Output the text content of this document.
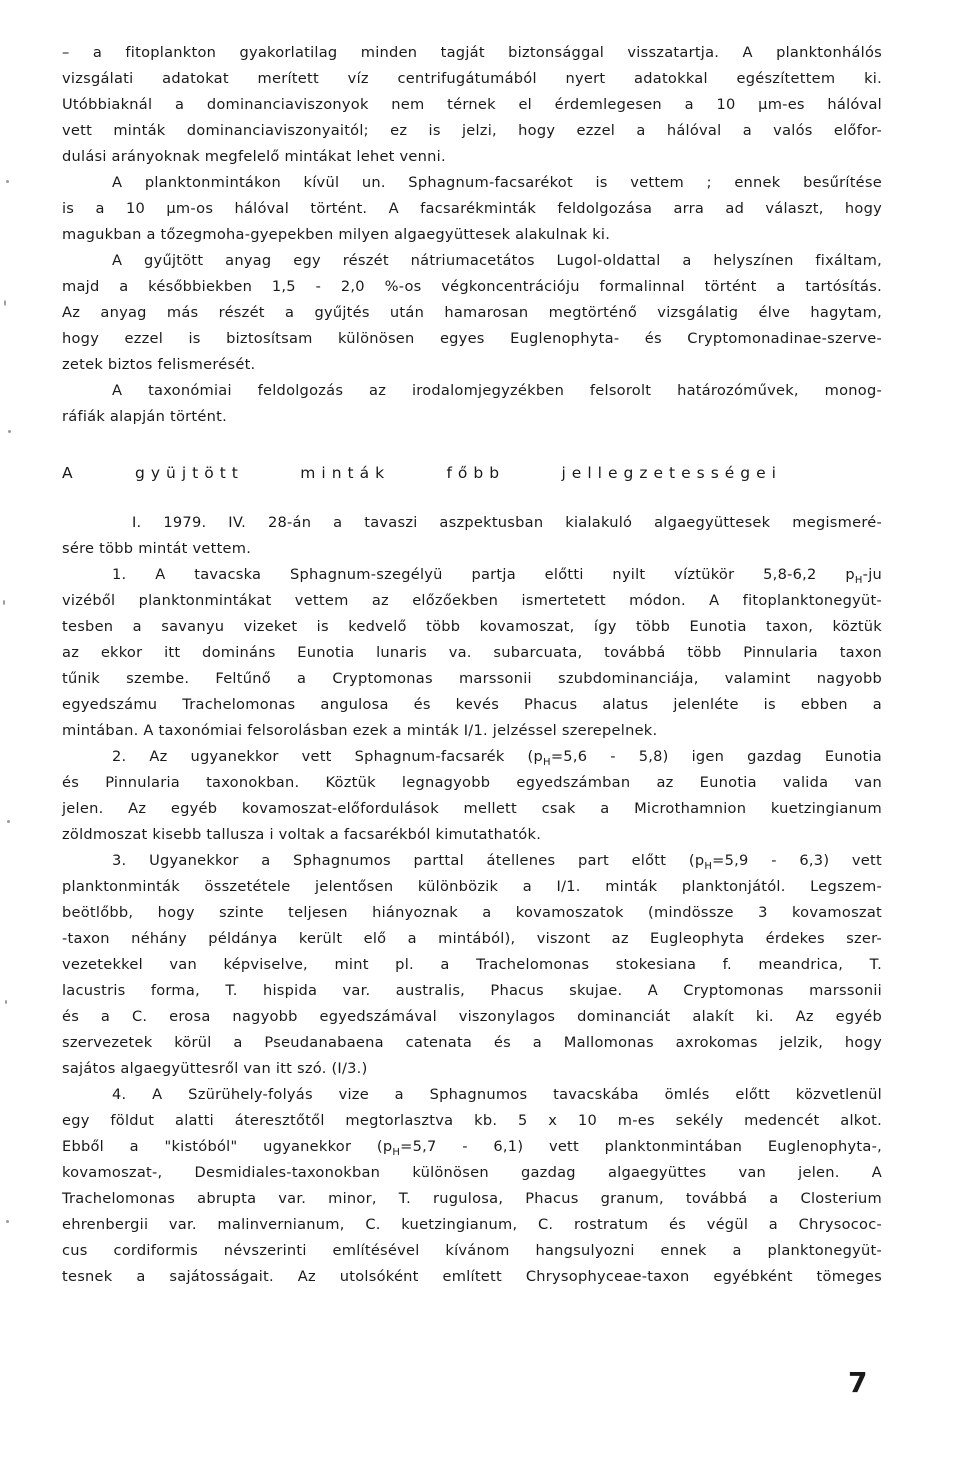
– a fitoplankton gyakorlatilag minden tagját biztonsággal visszatartja. A planktonhálós
vizsgálati adatokat merített víz centrifugátumából nyert adatokkal egészítettem ki.
Utóbbiaknál a dominanciaviszonyok nem térnek el érdemlegesen a 10 μm-es hálóval
vett minták dominanciaviszonyaitól; ez is jelzi, hogy ezzel a hálóval a valós előfor-
dulási arányoknak megfelelő mintákat lehet venni.
A planktonmintákon kívül un. Sphagnum-facsarékot is vettem ; ennek besűrítése
is a 10 μm-os hálóval történt. A facsarékminták feldolgozása arra ad választ, hogy
magukban a tőzegmoha-gyepekben milyen algaegyüttesek alakulnak ki.
A gyűjtött anyag egy részét nátriumacetátos Lugol-oldattal a helyszínen fixáltam,
majd a későbbiekben 1,5 - 2,0 %-os végkoncentrációju formalinnal történt a tartósítás.
Az anyag más részét a gyűjtés után hamarosan megtörténő vizsgálatig élve hagytam,
hogy ezzel is biztosítsam különösen egyes Euglenophyta- és Cryptomonadinae-szerve-
zetek biztos felismerését.
A taxonómiai feldolgozás az irodalomjegyzékben felsorolt határozóművek, monog-
ráfiák alapján történt.
A gyüjtött minták főbb jellegzetességei
I. 1979. IV. 28-án a tavaszi aszpektusban kialakuló algaegyüttesek megismeré-
sére több mintát vettem.
1. A tavacska Sphagnum-szegélyü partja előtti nyilt víztükör 5,8-6,2 $p_H-ju$
vizéből planktonmintákat vettem az előzőekben ismertetett módon. A fitoplanktonegyüt-
tesben a savanyu vizeket is kedvelő több kovamoszat, így több Eunotia taxon, köztük
az ekkor itt domináns Eunotia lunaris va. subarcuata, továbbá több Pinnularia taxon
tűnik szembe. Feltűnő a Cryptomonas marssonii szubdominanciája, valamint nagyobb
egyedszámu Trachelomonas angulosa és kevés Phacus alatus jelenléte is ebben a
mintában. A taxonómiai felsorolásban ezek a minták I/1. jelzéssel szerepelnek.
2. Az ugyanekkor vett Sphagnum-facsarék $(p_H=5,6 - 5,8)$ igen gazdag Eunotia
és Pinnularia taxonokban. Köztük legnagyobb egyedszámban az Eunotia valida van
jelen. Az egyéb kovamoszat-előfordulások mellett csak a Microthamnion kuetzingianum
zöldmoszat kisebb tallusza i voltak a facsarékból kimutathatók.
3. Ugyanekkor a Sphagnumos parttal átellenes part előtt $(p_H=5,9 - 6,3)$ vett
planktonminták összetétele jelentősen különbözik a I/1. minták planktonjától. Legszem-
beötlőbb, hogy szinte teljesen hiányoznak a kovamoszatok (mindössze 3 kovamoszat
-taxon néhány példánya került elő a mintából), viszont az Eugleophyta érdekes szer-
vezetekkel van képviselve, mint pl. a Trachelomonas stokesiana f. meandrica, T.
lacustris forma, T. hispida var. australis, Phacus skujae. A Cryptomonas marssonii
és a C. erosa nagyobb egyedszámával viszonylagos dominanciát alakít ki. Az egyéb
szervezetek körül a Pseudanabaena catenata és a Mallomonas axrokomas jelzik, hogy
sajátos algaegyüttesről van itt szó. (I/3.)
4. A Szürühely-folyás vize a Sphagnumos tavacskába ömlés előtt közvetlenül
egy földut alatti áteresztőtől megtorlasztva kb. 5 x 10 m-es sekély medencét alkot.
Ebből a "kistóból" ugyanekkor $(p_H=5,7 - 6,1)$ vett planktonmintában Euglenophyta-,
kovamoszat-, Desmidiales-taxonokban különösen gazdag algaegyüttes van jelen. A
Trachelomonas abrupta var. minor, T. rugulosa, Phacus granum, továbbá a Closterium
ehrenbergii var. malinvernianum, C. kuetzingianum, C. rostratum és végül a Chrysococ-
cus cordiformis névszerinti említésével kívánom hangsulyozni ennek a planktonegyüt-
tesnek a sajátosságait. Az utolsóként említett Chrysophyceae-taxon egyébként tömeges
7
